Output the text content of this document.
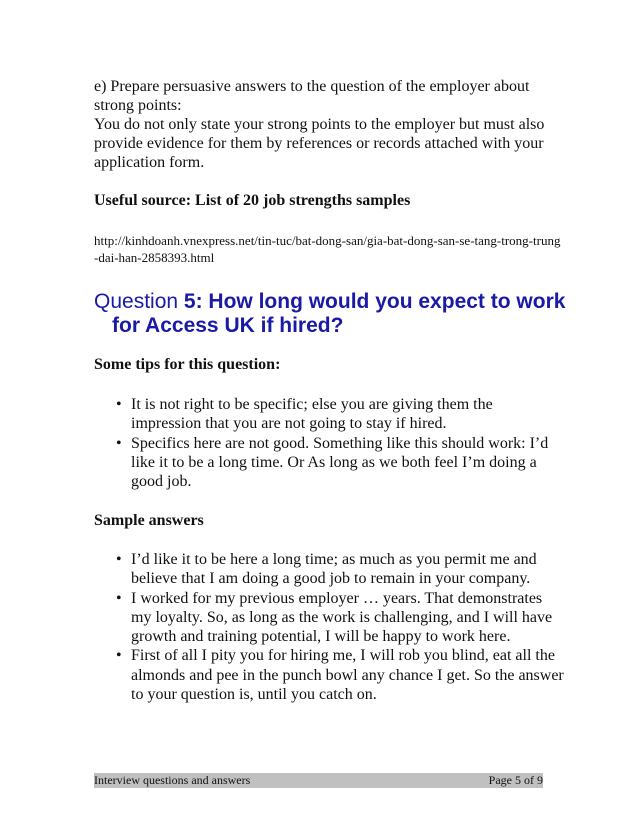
e) Prepare persuasive answers to the question of the employer about strong points:

You do not only state your strong points to the employer but must also provide evidence for them by references or records attached with your application form.

Useful source: List of 20 job strengths samples

http://kinhdoanh.vnexpress.net/tin-tuc/bat-dong-san/gia-bat-dong-san-se-tang-trong-trung-dai-han-2858393.html

Question 5: How long would you expect to work
for Access UK if hired?

Some tips for this question:

• It is not right to be specific; else you are giving them the impression that you are not going to stay if hired.
• Specifics here are not good. Something like this should work: I’d like it to be a long time. Or As long as we both feel I’m doing a good job.

Sample answers

• I’d like it to be here a long time; as much as you permit me and believe that I am doing a good job to remain in your company.
• I worked for my previous employer … years. That demonstrates my loyalty. So, as long as the work is challenging, and I will have growth and training potential, I will be happy to work here.
• First of all I pity you for hiring me, I will rob you blind, eat all the almonds and pee in the punch bowl any chance I get. So the answer to your question is, until you catch on.
Interview questions and answers	Page 5 of 9
